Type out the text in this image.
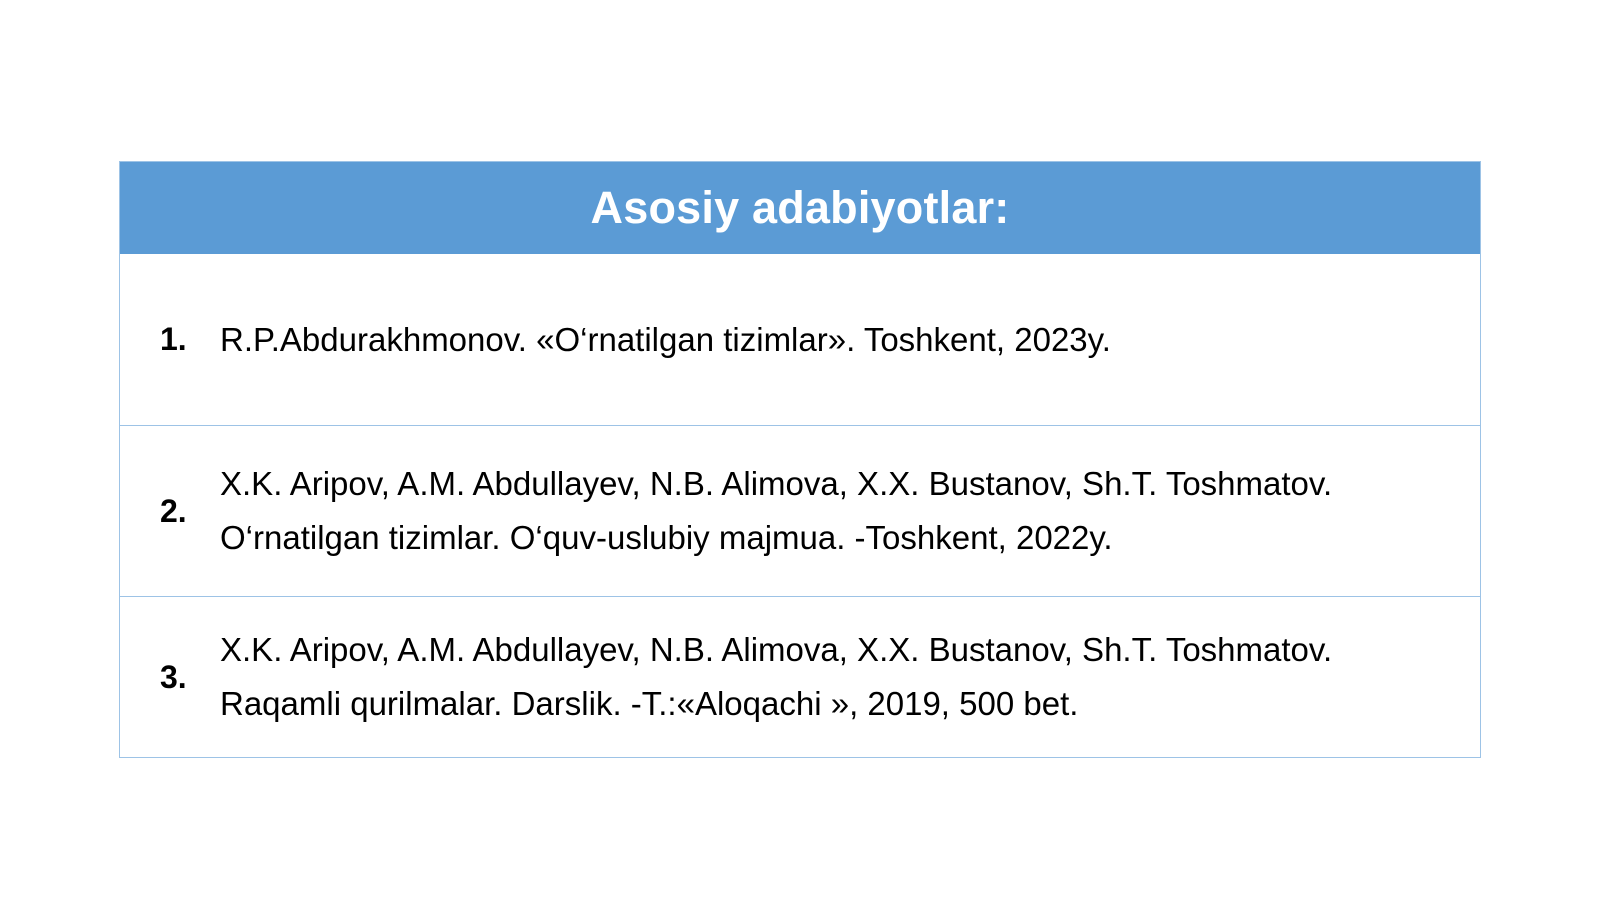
Asosiy adabiyotlar:
1.	R.P.Abdurakhmonov. «O‘rnatilgan tizimlar». Toshkent, 2023y.
2.
X.K. Aripov, A.M. Abdullayev, N.B. Alimova, X.X. Bustanov, Sh.T. Toshmatov.
O‘rnatilgan tizimlar. O‘quv-uslubiy majmua. -Toshkent, 2022y.
3.
X.K. Aripov, A.M. Abdullayev, N.B. Alimova, X.X. Bustanov, Sh.T. Toshmatov.
Raqamli qurilmalar. Darslik. -T.:«Aloqachi », 2019, 500 bet.
